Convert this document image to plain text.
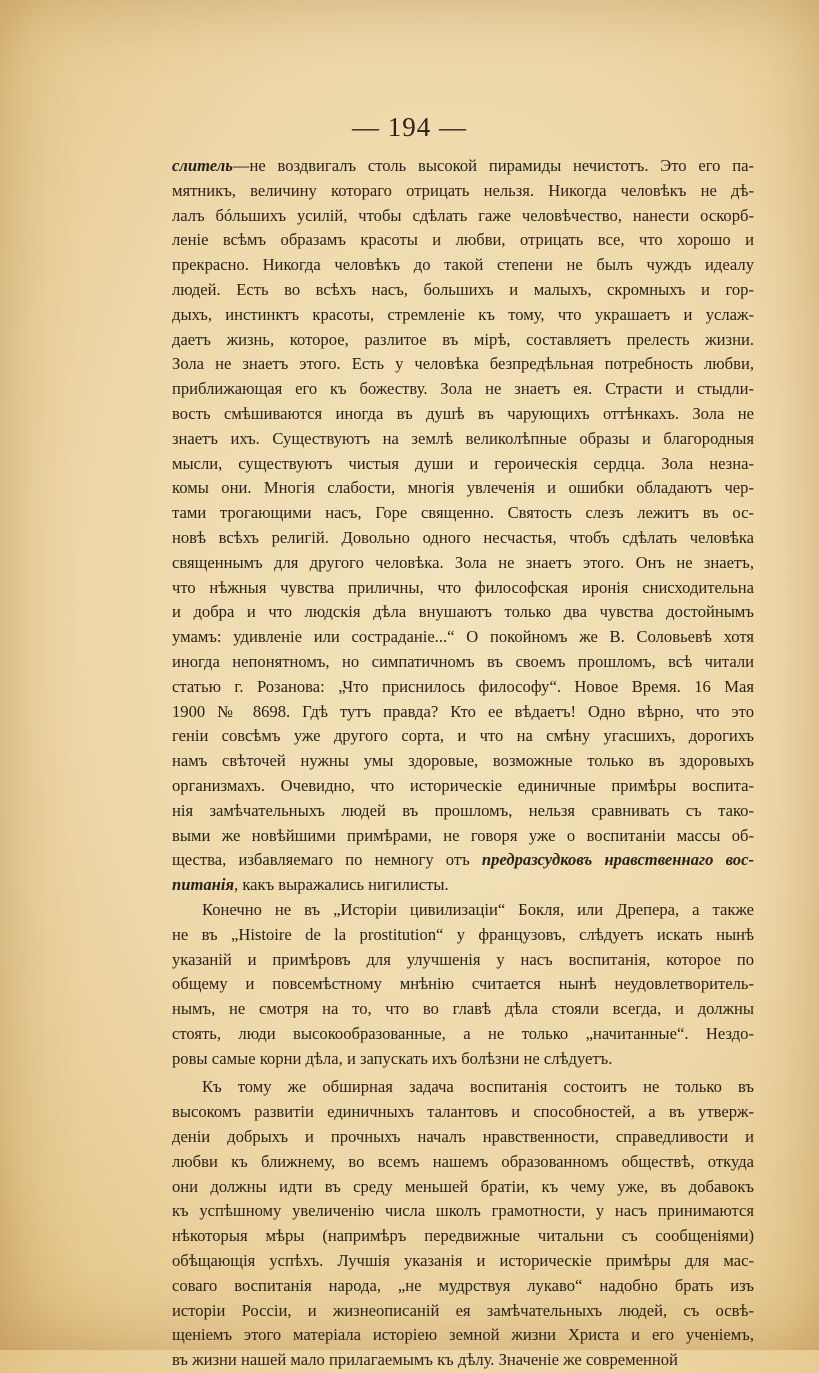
— 194 —
слитель—не воздвигалъ столь высокой пирамиды нечистотъ. Это его па-
мятникъ, величину котораго отрицать нельзя. Никогда человѣкъ не дѣ-
лалъ бóльшихъ усилій, чтобы сдѣлать гаже человѣчество, нанести оскорб-
леніе всѣмъ образамъ красоты и любви, отрицать все, что хорошо и
прекрасно. Никогда человѣкъ до такой степени не былъ чуждъ идеалу
людей. Есть во всѣхъ насъ, большихъ и малыхъ, скромныхъ и гор-
дыхъ, инстинктъ красоты, стремленіе къ тому, что украшаетъ и услаж-
даетъ жизнь, которое, разлитое въ мірѣ, составляетъ прелесть жизни.
Зола не знаетъ этого. Есть у человѣка безпредѣльная потребность любви,
приближающая его къ божеству. Зола не знаетъ ея. Страсти и стыдли-
вость смѣшиваются иногда въ душѣ въ чарующихъ оттѣнкахъ. Зола не
знаетъ ихъ. Существуютъ на землѣ великолѣпные образы и благородныя
мысли, существуютъ чистыя души и героическія сердца. Зола незна-
комы они. Многія слабости, многія увлеченія и ошибки обладаютъ чер-
тами трогающими насъ, Горе священно. Святость слезъ лежитъ въ ос-
новѣ всѣхъ религій. Довольно одного несчастья, чтобъ сдѣлать человѣка
священнымъ для другого человѣка. Зола не знаетъ этого. Онъ не знаетъ,
что нѣжныя чувства приличны, что философская иронія снисходительна
и добра и что людскія дѣла внушаютъ только два чувства достойнымъ
умамъ: удивленіе или состраданіе...“ О покойномъ же В. Соловьевѣ хотя
иногда непонятномъ, но симпатичномъ въ своемъ прошломъ, всѣ читали
статью г. Розанова: „Что приснилось философу“. Новое Время. 16 Мая
1900 № 8698. Гдѣ тутъ правда? Кто ее вѣдаетъ! Одно вѣрно, что это
геніи совсѣмъ уже другого сорта, и что на смѣну угасшихъ, дорогихъ
намъ свѣточей нужны умы здоровые, возможные только въ здоровыхъ
организмахъ. Очевидно, что историческіе единичные примѣры воспита-
нія замѣчательныхъ людей въ прошломъ, нельзя сравнивать съ тако-
выми же новѣйшими примѣрами, не говоря уже о воспитаніи массы об-
щества, избавляемаго по немногу отъ предразсудковъ нравственнаго вос-
питанія, какъ выражались нигилисты.
Конечно не въ „Исторіи цивилизаціи“ Бокля, или Дрепера, а также
не въ „Histoire de la prostitution“ у французовъ, слѣдуетъ искать нынѣ
указаній и примѣровъ для улучшенія у насъ воспитанія, которое по
общему и повсемѣстному мнѣнію считается нынѣ неудовлетворитель-
нымъ, не смотря на то, что во главѣ дѣла стояли всегда, и должны
стоять, люди высокообразованные, а не только „начитанные“. Нездо-
ровы самые корни дѣла, и запускать ихъ болѣзни не слѣдуетъ.
Къ тому же обширная задача воспитанія состоитъ не только въ
высокомъ развитіи единичныхъ талантовъ и способностей, а въ утверж-
деніи добрыхъ и прочныхъ началъ нравственности, справедливости и
любви къ ближнему, во всемъ нашемъ образованномъ обществѣ, откуда
они должны идти въ среду меньшей братіи, къ чему уже, въ добавокъ
къ успѣшному увеличенію числа школъ грамотности, у насъ принимаются
нѣкоторыя мѣры (напримѣръ передвижные читальни съ сообщеніями)
обѣщающія успѣхъ. Лучшія указанія и историческіе примѣры для мас-
соваго воспитанія народа, „не мудрствуя лукаво“ надобно брать изъ
исторіи Россіи, и жизнеописаній ея замѣчательныхъ людей, съ освѣ-
щеніемъ этого матеріала исторіею земной жизни Христа и его ученіемъ,
въ жизни нашей мало прилагаемымъ къ дѣлу. Значеніе же современной
